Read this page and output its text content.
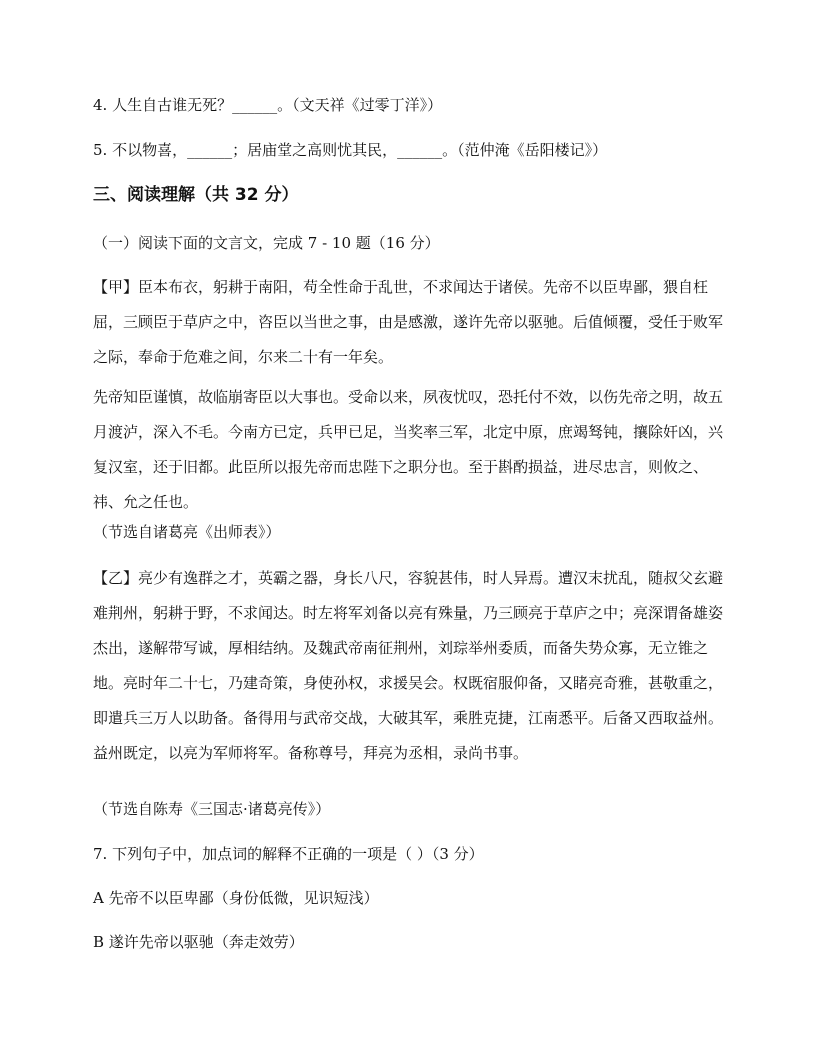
4. 人生自古谁无死？______。（文天祥《过零丁洋》）
5. 不以物喜，______；居庙堂之高则忧其民，______。（范仲淹《岳阳楼记》）
三、阅读理解（共 32 分）
（一）阅读下面的文言文，完成 7 - 10 题（16 分）
【甲】臣本布衣，躬耕于南阳，苟全性命于乱世，不求闻达于诸侯。先帝不以臣卑鄙，猥自枉屈，三顾臣于草庐之中，咨臣以当世之事，由是感激，遂许先帝以驱驰。后值倾覆，受任于败军之际，奉命于危难之间，尔来二十有一年矣。
先帝知臣谨慎，故临崩寄臣以大事也。受命以来，夙夜忧叹，恐托付不效，以伤先帝之明，故五月渡泸，深入不毛。今南方已定，兵甲已足，当奖率三军，北定中原，庶竭驽钝，攘除奸凶，兴复汉室，还于旧都。此臣所以报先帝而忠陛下之职分也。至于斟酌损益，进尽忠言，则攸之、祎、允之任也。
（节选自诸葛亮《出师表》）
【乙】亮少有逸群之才，英霸之器，身长八尺，容貌甚伟，时人异焉。遭汉末扰乱，随叔父玄避难荆州，躬耕于野，不求闻达。时左将军刘备以亮有殊量，乃三顾亮于草庐之中；亮深谓备雄姿杰出，遂解带写诚，厚相结纳。及魏武帝南征荆州，刘琮举州委质，而备失势众寡，无立锥之地。亮时年二十七，乃建奇策，身使孙权，求援吴会。权既宿服仰备，又睹亮奇雅，甚敬重之，即遣兵三万人以助备。备得用与武帝交战，大破其军，乘胜克捷，江南悉平。后备又西取益州。益州既定，以亮为军师将军。备称尊号，拜亮为丞相，录尚书事。
（节选自陈寿《三国志·诸葛亮传》）
7. 下列句子中，加点词的解释不正确的一项是（ ）（3 分）
A 先帝不以臣卑鄙（身份低微，见识短浅）
B 遂许先帝以驱驰（奔走效劳）
